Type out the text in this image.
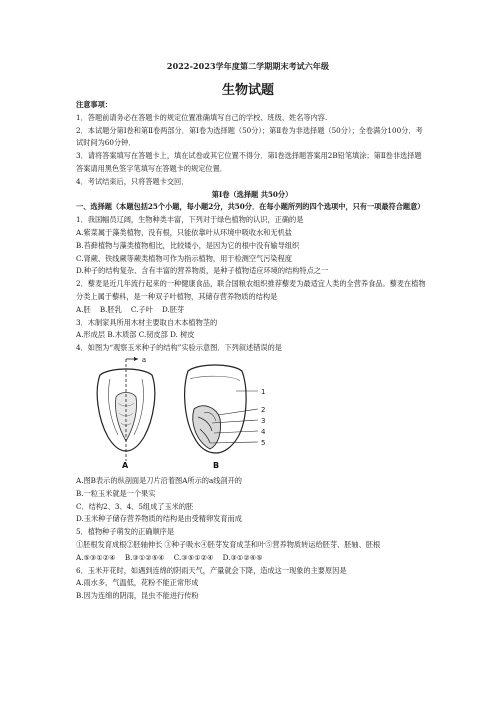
2022-2023学年度第二学期期末考试六年级
生物试题
注意事项：
1．答题前请务必在答题卡的规定位置准确填写自己的学校、班级、姓名等内容.
2．本试题分第Ⅰ卷和第Ⅱ卷两部分．第Ⅰ卷为选择题（50分）；第Ⅱ卷为非选择题（50分）；全卷满分100分．考试时间为60分钟．
3．请将答案填写在答题卡上，填在试卷或其它位置不得分．第Ⅰ卷选择题答案用2B铅笔填涂；第Ⅱ卷非选择题答案请用黑色签字笔填写在答题卡的规定位置．
4．考试结束后，只将答题卡交回．
第Ⅰ卷（选择题 共50分）
一、选择题（本题包括25个小题，每小题2分，共50分．在每小题所列的四个选项中，只有一项最符合题意）
1．我国幅员辽阔，生物种类丰富，下列对于绿色植物的认识，正确的是
A.紫菜属于藻类植物，没有根，只能依靠叶从环境中吸收水和无机盐
B.苔藓植物与藻类植物相比，比较矮小，是因为它的根中没有输导组织
C.肾蕨、铁线蕨等蕨类植物可作为指示植物，用于检测空气污染程度
D.种子的结构复杂、含有丰富的营养物质，是种子植物适应环境的结构特点之一
2．藜麦是近几年流行起来的一种健康食品，联合国粮农组织推荐藜麦为最适宜人类的全营养食品。藜麦在植物分类上属于藜科，是一种双子叶植物，其储存营养物质的结构是
A.胚 B.胚乳 C.子叶 D.胚芽
3．木制家具所用木材主要取自木本植物茎的
A.形成层 B.木质部 C.韧皮部 D. 树皮
4．如图为“观察玉米种子的结构”实验示意图．下列叙述错误的是
a
A
1
2
3
4
5
B
A.图B表示的纵剖面是刀片沿着图A所示的a线剖开的
B.一粒玉米就是一个果实
C．结构2、3、4、5组成了玉米的胚
D.玉米种子储存营养物质的结构是由受精卵发育而成
5．植物种子萌发的正确顺序是
①胚根发育成根②胚轴伸长 ③种子吸水④胚芽发育成茎和叶⑤营养物质转运给胚芽、胚轴、胚根
A.⑤③①②④ B.③①②⑤④ C.③⑤①②④ D.③①②④⑤
6．玉米开花时，如遇到连绵的阴雨天气，产量就会下降，造成这一现象的主要原因是
A.雨水多，气温低，花粉不能正常形成
B.因为连绵的阴雨，昆虫不能进行传粉
